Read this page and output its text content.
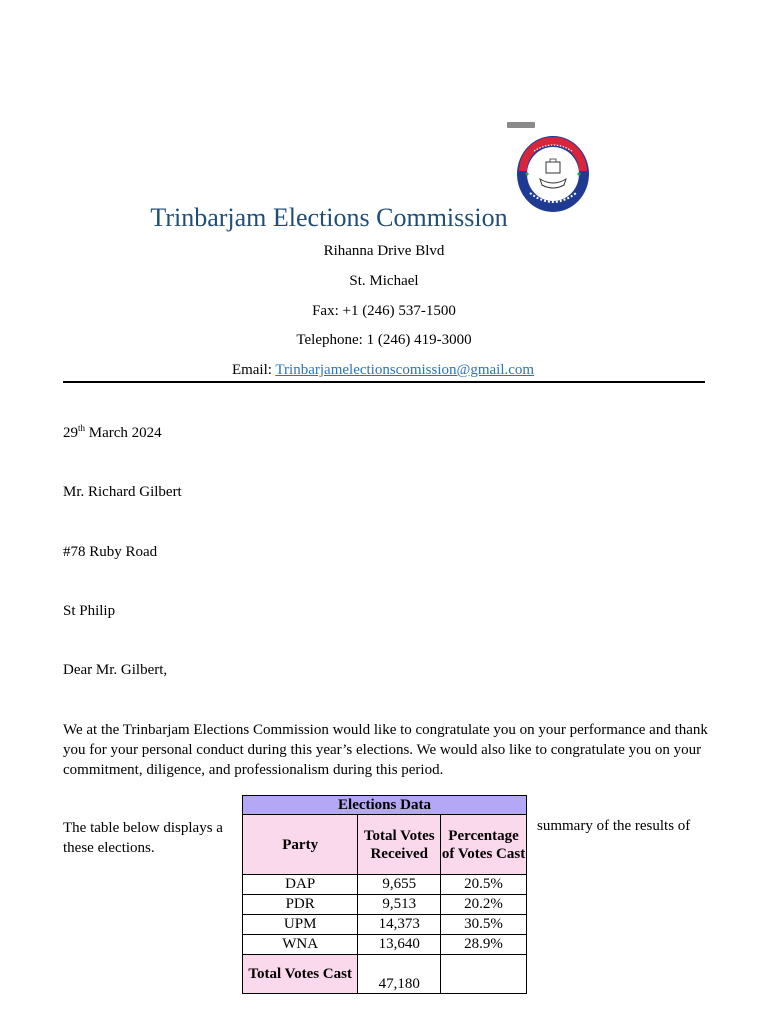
Trinbarjam Elections Commission
Rihanna Drive Blvd
St. Michael
Fax: +1 (246) 537-1500
Telephone: 1 (246) 419-3000
Email: Trinbarjamelectionscomission@gmail.com
29th March 2024
Mr. Richard Gilbert
#78 Ruby Road
St Philip
Dear Mr. Gilbert,
We at the Trinbarjam Elections Commission would like to congratulate you on your performance and thank you for your personal conduct during this year’s elections. We would also like to congratulate you on your commitment, diligence, and professionalism during this period.
The table below displays a these elections.
summary of the results of
Elections Data		
Party	Total Votes Received	Percentage of Votes Cast
DAP	9,655	20.5%
PDR	9,513	20.2%
UPM	14,373	30.5%
WNA	13,640	28.9%
Total Votes Cast	47,180	
